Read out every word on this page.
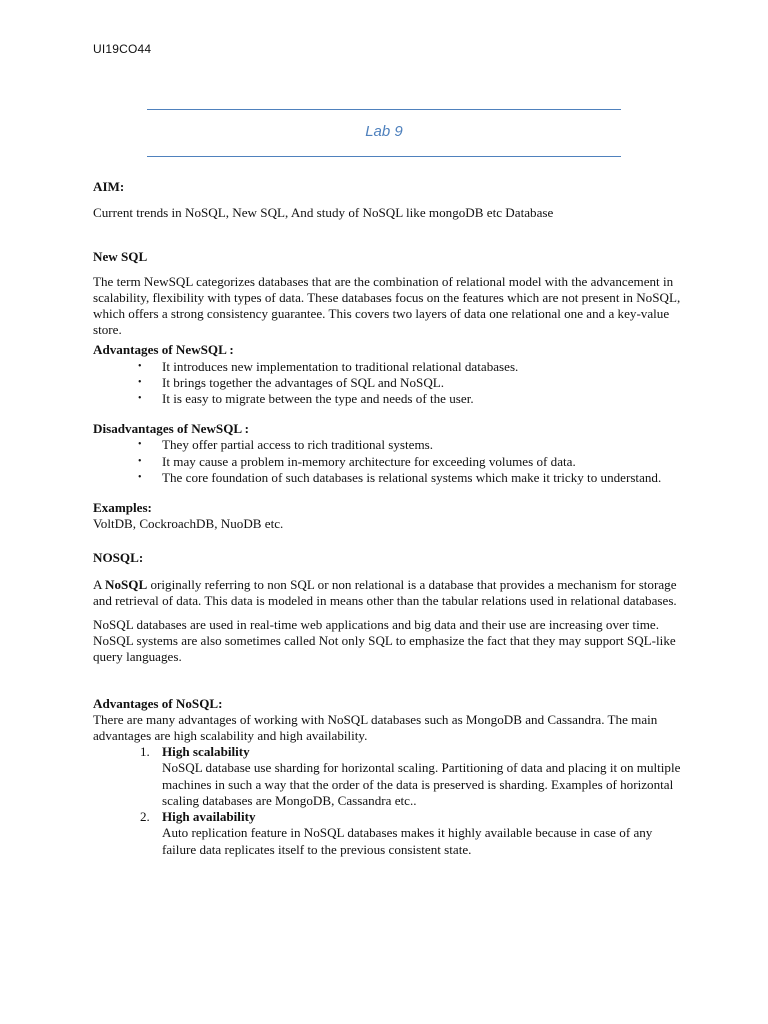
UI19CO44
Lab 9

AIM:

Current trends in NoSQL, New SQL, And study of NoSQL like mongoDB etc Database

New SQL

The term NewSQL categorizes databases that are the combination of relational model with the advancement in scalability, flexibility with types of data. These databases focus on the features which are not present in NoSQL, which offers a strong consistency guarantee. This covers two layers of data one relational one and a key-value store.

Advantages of NewSQL :

• It introduces new implementation to traditional relational databases.
• It brings together the advantages of SQL and NoSQL.
• It is easy to migrate between the type and needs of the user.

Disadvantages of NewSQL :

• They offer partial access to rich traditional systems.
• It may cause a problem in-memory architecture for exceeding volumes of data.
• The core foundation of such databases is relational systems which make it tricky to understand.

Examples:

VoltDB, CockroachDB, NuoDB etc.

NOSQL:

A NoSQL originally referring to non SQL or non relational is a database that provides a mechanism for storage and retrieval of data. This data is modeled in means other than the tabular relations used in relational databases.

NoSQL databases are used in real-time web applications and big data and their use are increasing over time. NoSQL systems are also sometimes called Not only SQL to emphasize the fact that they may support SQL-like query languages.

Advantages of NoSQL:

There are many advantages of working with NoSQL databases such as MongoDB and Cassandra. The main advantages are high scalability and high availability.

1. High scalability
NoSQL database use sharding for horizontal scaling. Partitioning of data and placing it on multiple machines in such a way that the order of the data is preserved is sharding. Examples of horizontal scaling databases are MongoDB, Cassandra etc..
2. High availability
Auto replication feature in NoSQL databases makes it highly available because in case of any failure data replicates itself to the previous consistent state.
